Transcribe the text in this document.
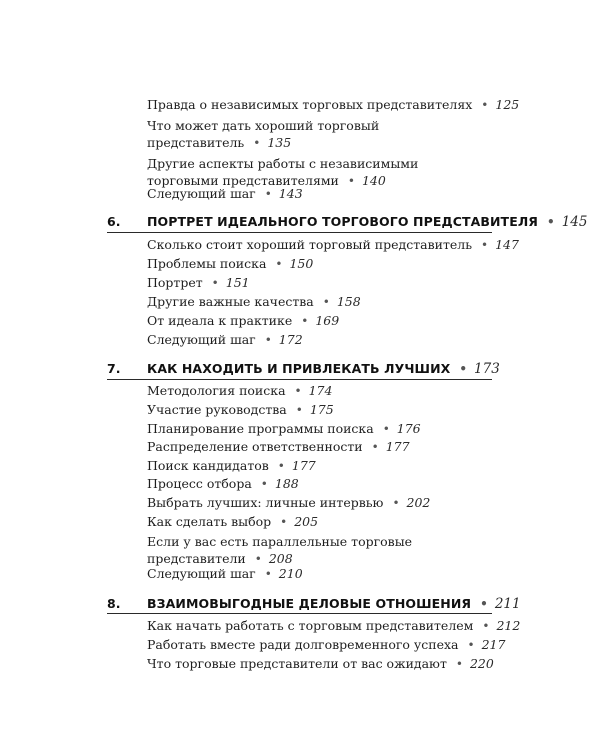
Правда о независимых торговых представителях • 125
Что может дать хороший торговый
представитель • 135
Другие аспекты работы с независимыми
торговыми представителями • 140
Следующий шаг • 143
6. ПОРТРЕТ ИДЕАЛЬНОГО ТОРГОВОГО ПРЕДСТАВИТЕЛЯ • 145
Сколько стоит хороший торговый представитель • 147
Проблемы поиска • 150
Портрет • 151
Другие важные качества • 158
От идеала к практике • 169
Следующий шаг • 172
7. КАК НАХОДИТЬ И ПРИВЛЕКАТЬ ЛУЧШИХ • 173
Методология поиска • 174
Участие руководства • 175
Планирование программы поиска • 176
Распределение ответственности • 177
Поиск кандидатов • 177
Процесс отбора • 188
Выбрать лучших: личные интервью • 202
Как сделать выбор • 205
Если у вас есть параллельные торговые
представители • 208
Следующий шаг • 210
8. ВЗАИМОВЫГОДНЫЕ ДЕЛОВЫЕ ОТНОШЕНИЯ • 211
Как начать работать с торговым представителем • 212
Работать вместе ради долговременного успеха • 217
Что торговые представители от вас ожидают • 220
